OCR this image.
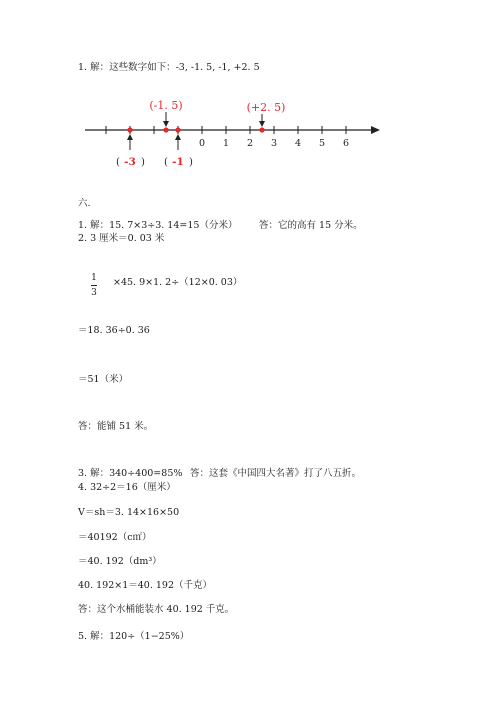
1. 解：这些数字如下：-3, -1. 5, -1, +2. 5
0 1 2 3 4 5 6
(-1. 5)	(+2. 5)
( -3 ) ( -1 )
六.
1. 解：15. 7×3÷3. 14=15（分米） 答：它的高有 15 分米。
2. 3 厘米＝0. 03 米
1
3
×45. 9×1. 2÷（12×0. 03）
＝18. 36÷0. 36
＝51（米）
答：能铺 51 米。
3. 解：340÷400=85% 答：这套《中国四大名著》打了八五折。
4. 32÷2＝16（厘米）
V＝sh＝3. 14×16×50
＝40192（c㎡）
＝40. 192（dm³）
40. 192×1＝40. 192（千克）
答：这个水桶能装水 40. 192 千克。
5. 解：120÷（1−25%）
